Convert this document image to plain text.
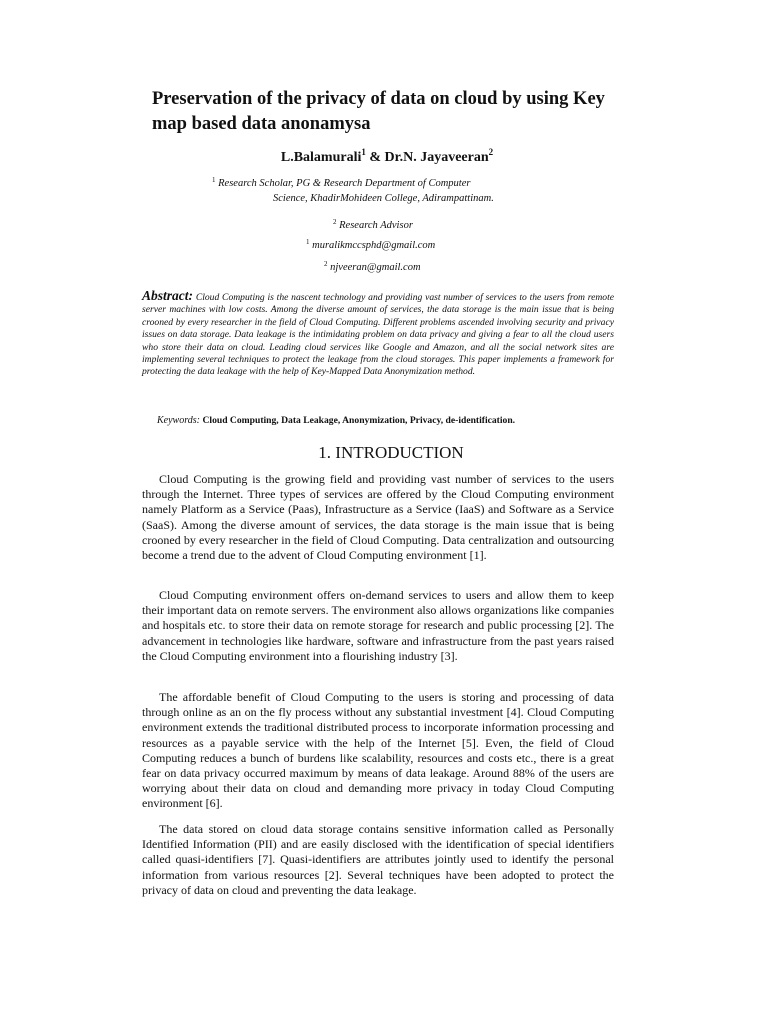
Preservation of the privacy of data on cloud by using Key map based data anonamysa
L.Balamurali$^1$ & Dr.N. Jayaveeran$^2$
$^1$ Research Scholar, PG & Research Department of Computer
Science, KhadirMohideen College, Adirampattinam.
$^2$ Research Advisor
$^1$ muralikmccsphd@gmail.com
$^2$ njveeran@gmail.com
Abstract: Cloud Computing is the nascent technology and providing vast number of services to the users from remote server machines with low costs. Among the diverse amount of services, the data storage is the main issue that is being crooned by every researcher in the field of Cloud Computing. Different problems ascended involving security and privacy issues on data storage. Data leakage is the intimidating problem on data privacy and giving a fear to all the cloud users who store their data on cloud. Leading cloud services like Google and Amazon, and all the social network sites are implementing several techniques to protect the leakage from the cloud storages. This paper implements a framework for protecting the data leakage with the help of Key-Mapped Data Anonymization method.
Keywords: Cloud Computing, Data Leakage, Anonymization, Privacy, de-identification.
1. INTRODUCTION
Cloud Computing is the growing field and providing vast number of services to the users through the Internet. Three types of services are offered by the Cloud Computing environment namely Platform as a Service (Paas), Infrastructure as a Service (IaaS) and Software as a Service (SaaS). Among the diverse amount of services, the data storage is the main issue that is being crooned by every researcher in the field of Cloud Computing. Data centralization and outsourcing become a trend due to the advent of Cloud Computing environment [1].
Cloud Computing environment offers on-demand services to users and allow them to keep their important data on remote servers. The environment also allows organizations like companies and hospitals etc. to store their data on remote storage for research and public processing [2]. The advancement in technologies like hardware, software and infrastructure from the past years raised the Cloud Computing environment into a flourishing industry [3].
The affordable benefit of Cloud Computing to the users is storing and processing of data through online as an on the fly process without any substantial investment [4]. Cloud Computing environment extends the traditional distributed process to incorporate information processing and resources as a payable service with the help of the Internet [5]. Even, the field of Cloud Computing reduces a bunch of burdens like scalability, resources and costs etc., there is a great fear on data privacy occurred maximum by means of data leakage. Around 88% of the users are worrying about their data on cloud and demanding more privacy in today Cloud Computing environment [6].
The data stored on cloud data storage contains sensitive information called as Personally Identified Information (PII) and are easily disclosed with the identification of special identifiers called quasi-identifiers [7]. Quasi-identifiers are attributes jointly used to identify the personal information from various resources [2]. Several techniques have been adopted to protect the privacy of data on cloud and preventing the data leakage.
